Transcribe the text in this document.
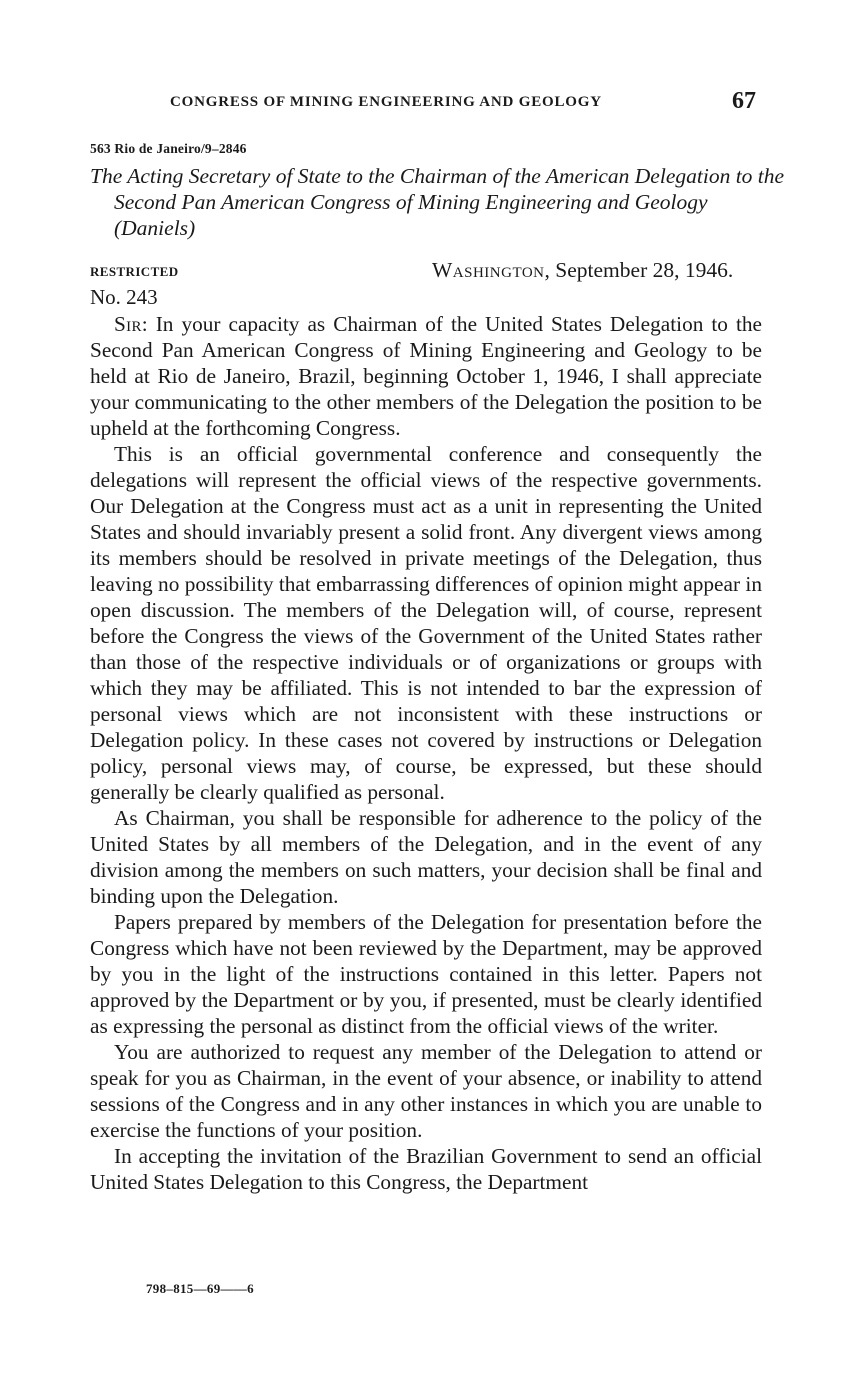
CONGRESS OF MINING ENGINEERING AND GEOLOGY	67
563 Rio de Janeiro/9–2846

The Acting Secretary of State to the Chairman of the American Delegation to the Second Pan American Congress of Mining Engineering and Geology (Daniels)

RESTRICTED	Washington, September 28, 1946.
No. 243

Sir: In your capacity as Chairman of the United States Delegation to the Second Pan American Congress of Mining Engineering and Geology to be held at Rio de Janeiro, Brazil, beginning October 1, 1946, I shall appreciate your communicating to the other members of the Delegation the position to be upheld at the forthcoming Congress.

This is an official governmental conference and consequently the delegations will represent the official views of the respective governments. Our Delegation at the Congress must act as a unit in representing the United States and should invariably present a solid front. Any divergent views among its members should be resolved in private meetings of the Delegation, thus leaving no possibility that embarrassing differences of opinion might appear in open discussion. The members of the Delegation will, of course, represent before the Congress the views of the Government of the United States rather than those of the respective individuals or of organizations or groups with which they may be affiliated. This is not intended to bar the expression of personal views which are not inconsistent with these instructions or Delegation policy. In these cases not covered by instructions or Delegation policy, personal views may, of course, be expressed, but these should generally be clearly qualified as personal.

As Chairman, you shall be responsible for adherence to the policy of the United States by all members of the Delegation, and in the event of any division among the members on such matters, your decision shall be final and binding upon the Delegation.

Papers prepared by members of the Delegation for presentation before the Congress which have not been reviewed by the Department, may be approved by you in the light of the instructions contained in this letter. Papers not approved by the Department or by you, if presented, must be clearly identified as expressing the personal as distinct from the official views of the writer.

You are authorized to request any member of the Delegation to attend or speak for you as Chairman, in the event of your absence, or inability to attend sessions of the Congress and in any other instances in which you are unable to exercise the functions of your position.

In accepting the invitation of the Brazilian Government to send an official United States Delegation to this Congress, the Department

798–815—69——6
